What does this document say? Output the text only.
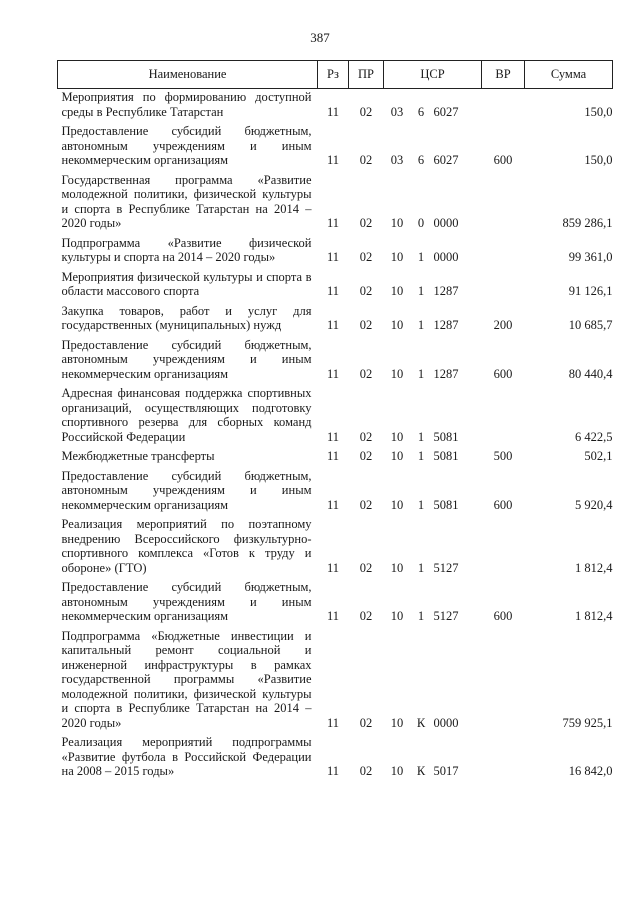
387
Наименование	Рз	ПР	ЦСР			ВР	Сумма
Мероприятия по формированию доступной среды в Республике Татарстан	11	02	03	6	6027		150,0
Предоставление субсидий бюджетным, автономным учреждениям и иным некоммерческим организациям	11	02	03	6	6027	600	150,0
Государственная программа «Развитие молодежной политики, физической культуры и спорта в Республике Татарстан на 2014 – 2020 годы»	11	02	10	0	0000		859 286,1
Подпрограмма «Развитие физической культуры и спорта на 2014 – 2020 годы»	11	02	10	1	0000		99 361,0
Мероприятия физической культуры и спорта в области массового спорта	11	02	10	1	1287		91 126,1
Закупка товаров, работ и услуг для государственных (муниципальных) нужд	11	02	10	1	1287	200	10 685,7
Предоставление субсидий бюджетным, автономным учреждениям и иным некоммерческим организациям	11	02	10	1	1287	600	80 440,4
Адресная финансовая поддержка спортивных организаций, осуществляющих подготовку спортивного резерва для сборных команд Российской Федерации	11	02	10	1	5081		6 422,5
Межбюджетные трансферты	11	02	10	1	5081	500	502,1
Предоставление субсидий бюджетным, автономным учреждениям и иным некоммерческим организациям	11	02	10	1	5081	600	5 920,4
Реализация мероприятий по поэтапному внедрению Всероссийского физкультурно-спортивного комплекса «Готов к труду и обороне» (ГТО)	11	02	10	1	5127		1 812,4
Предоставление субсидий бюджетным, автономным учреждениям и иным некоммерческим организациям	11	02	10	1	5127	600	1 812,4
Подпрограмма «Бюджетные инвестиции и капитальный ремонт социальной и инженерной инфраструктуры в рамках государственной программы «Развитие молодежной политики, физической культуры и спорта в Республике Татарстан на 2014 – 2020 годы»	11	02	10	К	0000		759 925,1
Реализация мероприятий подпрограммы «Развитие футбола в Российской Федерации на 2008 – 2015 годы»	11	02	10	К	5017		16 842,0
